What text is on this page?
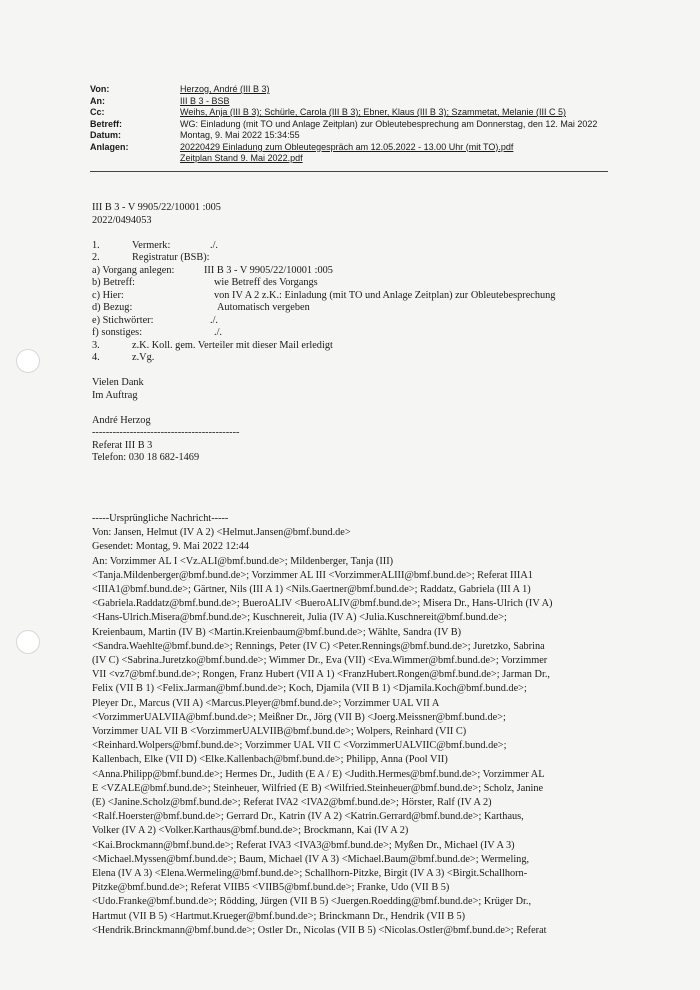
Von:	Herzog, André (III B 3)
An:	III B 3 - BSB
Cc:	Weihs, Anja (III B 3); Schürle, Carola (III B 3); Ebner, Klaus (III B 3); Szammetat, Melanie (III C 5)
Betreff:	WG: Einladung (mit TO und Anlage Zeitplan) zur Obleutebesprechung am Donnerstag, den 12. Mai 2022
Datum:	Montag, 9. Mai 2022 15:34:55
Anlagen:	20220429 Einladung zum Obleutegespräch am 12.05.2022 - 13.00 Uhr (mit TO).pdf
Zeitplan Stand 9. Mai 2022.pdf
III B 3 - V 9905/22/10001 :005
2022/0494053
1.	Vermerk:	./.
2.	Registratur (BSB):
a) Vorgang anlegen:	III B 3 - V 9905/22/10001 :005
b) Betreff:	wie Betreff des Vorgangs
c) Hier:	von IV A 2 z.K.: Einladung (mit TO und Anlage Zeitplan) zur Obleutebesprechung
d) Bezug:	Automatisch vergeben
e) Stichwörter:	./.
f) sonstiges:	./.
3.	z.K. Koll. gem. Verteiler mit dieser Mail erledigt
4.	z.Vg.
Vielen Dank
Im Auftrag
André Herzog
-------------------------------------------
Referat III B 3
Telefon: 030 18 682-1469
-----Ursprüngliche Nachricht-----
Von: Jansen, Helmut (IV A 2) <Helmut.Jansen@bmf.bund.de>
Gesendet: Montag, 9. Mai 2022 12:44
An: Vorzimmer AL I <Vz.ALI@bmf.bund.de>; Mildenberger, Tanja (III)
<Tanja.Mildenberger@bmf.bund.de>; Vorzimmer AL III <VorzimmerALIII@bmf.bund.de>; Referat IIIA1
<IIIA1@bmf.bund.de>; Gärtner, Nils (III A 1) <Nils.Gaertner@bmf.bund.de>; Raddatz, Gabriela (III A 1)
<Gabriela.Raddatz@bmf.bund.de>; BueroALIV <BueroALIV@bmf.bund.de>; Misera Dr., Hans-Ulrich (IV A)
<Hans-Ulrich.Misera@bmf.bund.de>; Kuschnereit, Julia (IV A) <Julia.Kuschnereit@bmf.bund.de>;
Kreienbaum, Martin (IV B) <Martin.Kreienbaum@bmf.bund.de>; Wählte, Sandra (IV B)
<Sandra.Waehlte@bmf.bund.de>; Rennings, Peter (IV C) <Peter.Rennings@bmf.bund.de>; Juretzko, Sabrina
(IV C) <Sabrina.Juretzko@bmf.bund.de>; Wimmer Dr., Eva (VII) <Eva.Wimmer@bmf.bund.de>; Vorzimmer
VII <vz7@bmf.bund.de>; Rongen, Franz Hubert (VII A 1) <FranzHubert.Rongen@bmf.bund.de>; Jarman Dr.,
Felix (VII B 1) <Felix.Jarman@bmf.bund.de>; Koch, Djamila (VII B 1) <Djamila.Koch@bmf.bund.de>;
Pleyer Dr., Marcus (VII A) <Marcus.Pleyer@bmf.bund.de>; Vorzimmer UAL VII A
<VorzimmerUALVIIA@bmf.bund.de>; Meißner Dr., Jörg (VII B) <Joerg.Meissner@bmf.bund.de>;
Vorzimmer UAL VII B <VorzimmerUALVIIB@bmf.bund.de>; Wolpers, Reinhard (VII C)
<Reinhard.Wolpers@bmf.bund.de>; Vorzimmer UAL VII C <VorzimmerUALVIIC@bmf.bund.de>;
Kallenbach, Elke (VII D) <Elke.Kallenbach@bmf.bund.de>; Philipp, Anna (Pool VII)
<Anna.Philipp@bmf.bund.de>; Hermes Dr., Judith (E A / E) <Judith.Hermes@bmf.bund.de>; Vorzimmer AL
E <VZALE@bmf.bund.de>; Steinheuer, Wilfried (E B) <Wilfried.Steinheuer@bmf.bund.de>; Scholz, Janine
(E) <Janine.Scholz@bmf.bund.de>; Referat IVA2 <IVA2@bmf.bund.de>; Hörster, Ralf (IV A 2)
<Ralf.Hoerster@bmf.bund.de>; Gerrard Dr., Katrin (IV A 2) <Katrin.Gerrard@bmf.bund.de>; Karthaus,
Volker (IV A 2) <Volker.Karthaus@bmf.bund.de>; Brockmann, Kai (IV A 2)
<Kai.Brockmann@bmf.bund.de>; Referat IVA3 <IVA3@bmf.bund.de>; Myßen Dr., Michael (IV A 3)
<Michael.Myssen@bmf.bund.de>; Baum, Michael (IV A 3) <Michael.Baum@bmf.bund.de>; Wermeling,
Elena (IV A 3) <Elena.Wermeling@bmf.bund.de>; Schallhorn-Pitzke, Birgit (IV A 3) <Birgit.Schallhorn-
Pitzke@bmf.bund.de>; Referat VIIB5 <VIIB5@bmf.bund.de>; Franke, Udo (VII B 5)
<Udo.Franke@bmf.bund.de>; Rödding, Jürgen (VII B 5) <Juergen.Roedding@bmf.bund.de>; Krüger Dr.,
Hartmut (VII B 5) <Hartmut.Krueger@bmf.bund.de>; Brinckmann Dr., Hendrik (VII B 5)
<Hendrik.Brinckmann@bmf.bund.de>; Ostler Dr., Nicolas (VII B 5) <Nicolas.Ostler@bmf.bund.de>; Referat
